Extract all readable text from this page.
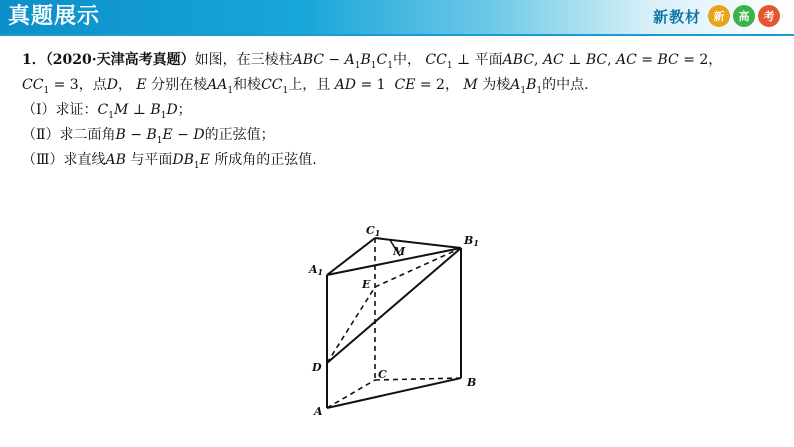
真题展示	新教材	新	高	考
1．（2020·天津高考真题）如图，在三棱柱ABC − $A_1B_1C_1$中， $CC_1$ ⊥ 平面ABC, AC ⊥ BC, AC = BC = 2，
$CC_1 = 3$，点D， E 分别在棱$AA_1$和棱$CC_1$上，且 AD = 1  CE = 2， M 为棱$A_1B_1$的中点.
（Ⅰ）求证：$C_1M$ ⊥ $B_1D$；
（Ⅱ）求二面角$B - B_1E - D$的正弦值；
（Ⅲ）求直线AB 与平面$DB_1E$ 所成角的正弦值.
C1
B1
A1
M
E
D
C
B
A
